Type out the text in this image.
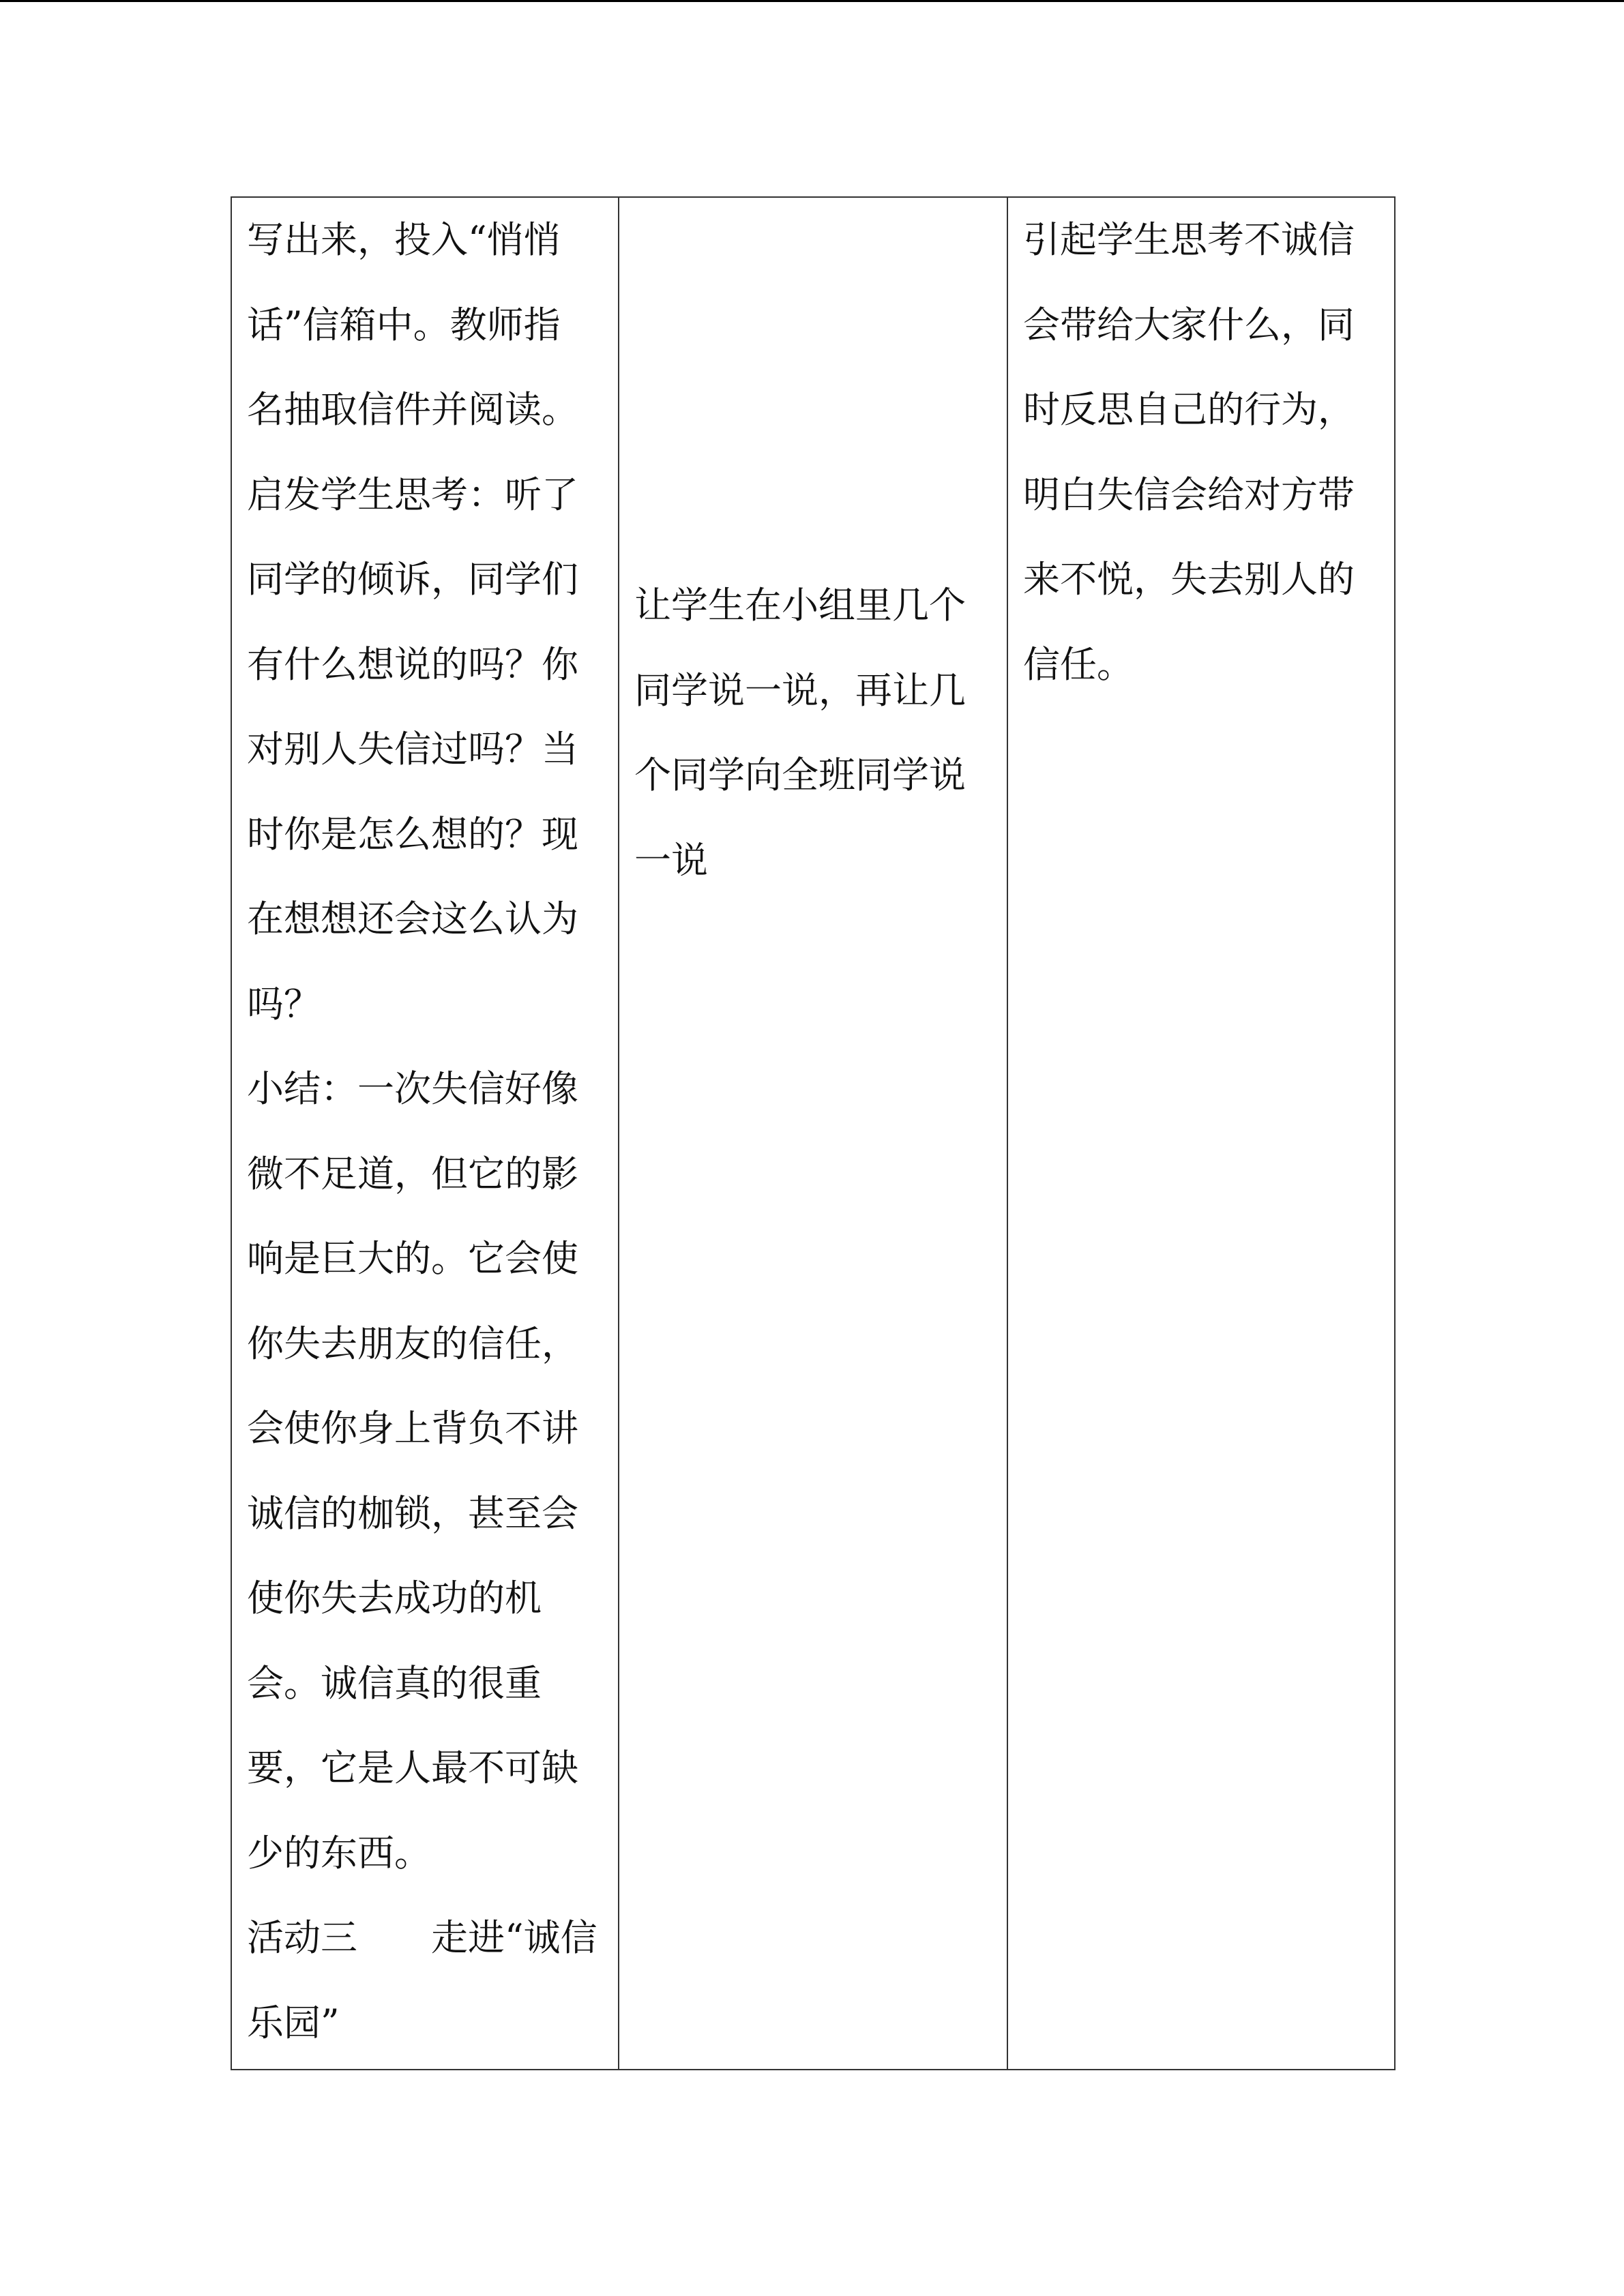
写出来，投入“悄悄
话”信箱中。教师指
名抽取信件并阅读。
启发学生思考：听了
同学的倾诉，同学们
有什么想说的吗？你
对别人失信过吗？当
时你是怎么想的？现
在想想还会这么认为
吗？
小结：一次失信好像
微不足道，但它的影
响是巨大的。它会使
你失去朋友的信任，
会使你身上背负不讲
诚信的枷锁，甚至会
使你失去成功的机
会。诚信真的很重
要，它是人最不可缺
少的东西。
活动三　　走进“诚信
乐园”

让学生在小组里几个
同学说一说，再让几
个同学向全班同学说
一说

引起学生思考不诚信
会带给大家什么，同
时反思自己的行为，
明白失信会给对方带
来不悦，失去别人的
信任。
